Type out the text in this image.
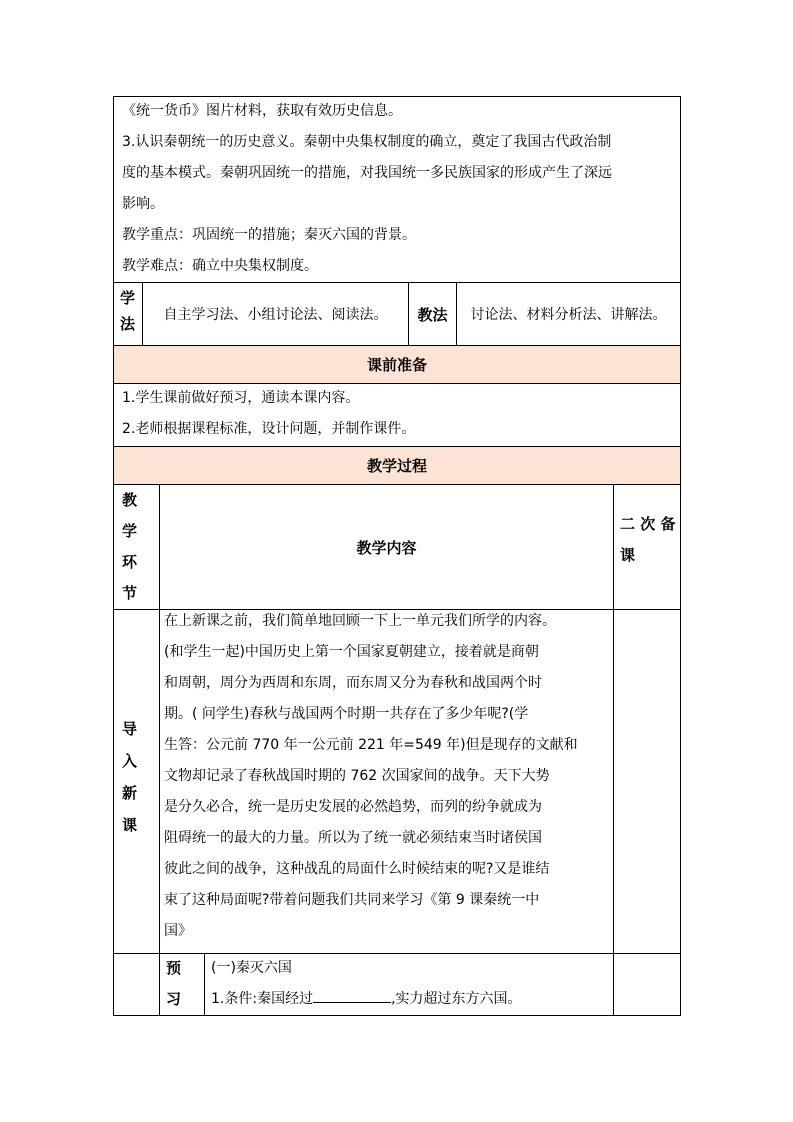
《统一货币》图片材料，获取有效历史信息。
3.认识秦朝统一的历史意义。秦朝中央集权制度的确立，奠定了我国古代政治制
度的基本模式。秦朝巩固统一的措施，对我国统一多民族国家的形成产生了深远
影响。
教学重点：巩固统一的措施；秦灭六国的背景。
教学难点：确立中央集权制度。
学
法 自主学习法、小组讨论法、阅读法。 教法 讨论法、材料分析法、讲解法。
课前准备
1.学生课前做好预习，通读本课内容。
2.老师根据课程标准，设计问题，并制作课件。
教学过程
教
学
环
节
教学内容
二 次 备
课
导
入
新
课
在上新课之前，我们简单地回顾一下上一单元我们所学的内容。
(和学生一起)中国历史上第一个国家夏朝建立，接着就是商朝
和周朝，周分为西周和东周，而东周又分为春秋和战国两个时
期。( 问学生)春秋与战国两个时期一共存在了多少年呢?(学
生答：公元前 770 年一公元前 221 年=549 年)但是现存的文献和
文物却记录了春秋战国时期的 762 次国家间的战争。天下大势
是分久必合，统一是历史发展的必然趋势，而列的纷争就成为
阻碍统一的最大的力量。所以为了统一就必须结束当时诸侯国
彼此之间的战争，这种战乱的局面什么时候结束的呢?又是谁结
束了这种局面呢?带着问题我们共同来学习《第 9 课秦统一中
国》
预
习
(一)秦灭六国
1.条件:秦国经过	,实力超过东方六国。
